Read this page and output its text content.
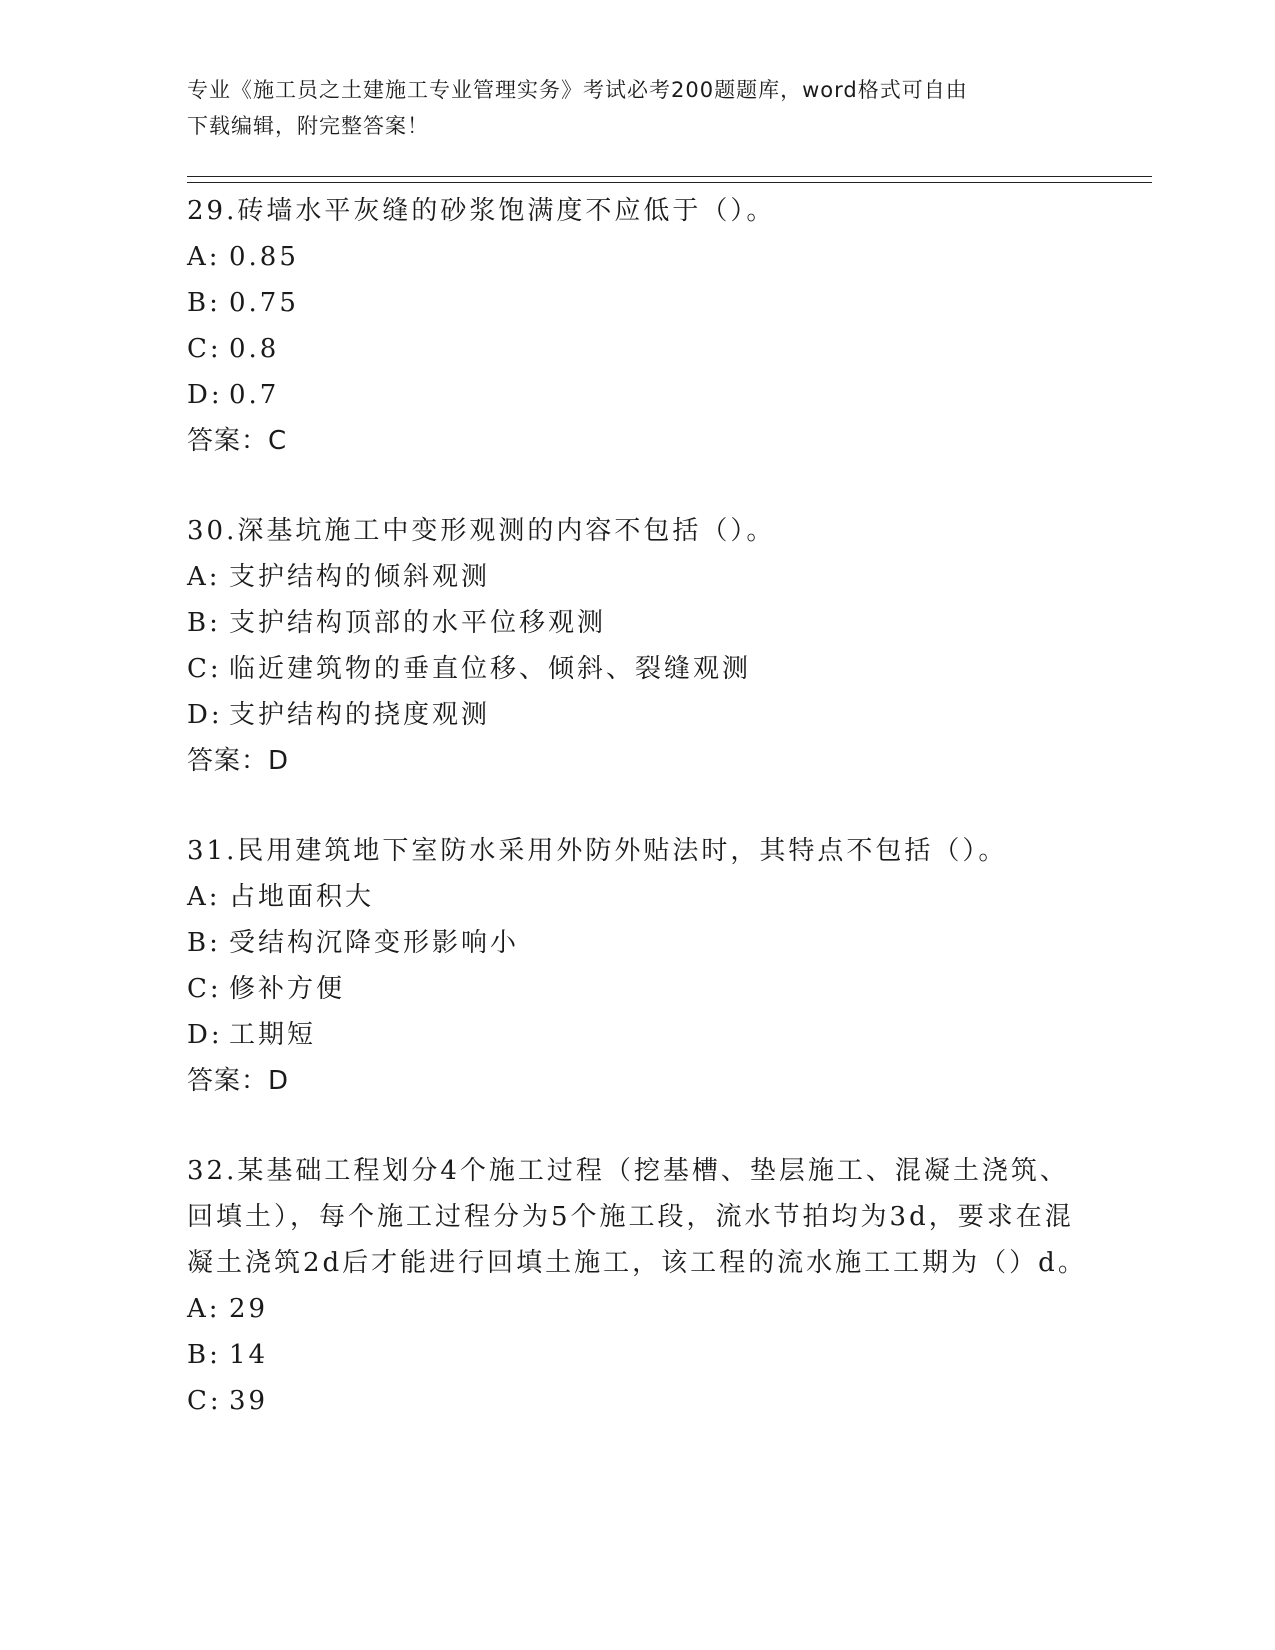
专业《施工员之土建施工专业管理实务》考试必考200题题库，word格式可自由
下载编辑，附完整答案！
29.砖墙水平灰缝的砂浆饱满度不应低于（）。
A: 0.85
B: 0.75
C: 0.8
D: 0.7
答案：C
30.深基坑施工中变形观测的内容不包括（）。
A: 支护结构的倾斜观测
B: 支护结构顶部的水平位移观测
C: 临近建筑物的垂直位移、倾斜、裂缝观测
D: 支护结构的挠度观测
答案：D
31.民用建筑地下室防水采用外防外贴法时，其特点不包括（）。
A: 占地面积大
B: 受结构沉降变形影响小
C: 修补方便
D: 工期短
答案：D
32.某基础工程划分4个施工过程（挖基槽、垫层施工、混凝土浇筑、回填土），每个施工过程分为5个施工段，流水节拍均为3d，要求在混凝土浇筑2d后才能进行回填土施工，该工程的流水施工工期为（）d。
A: 29
B: 14
C: 39
